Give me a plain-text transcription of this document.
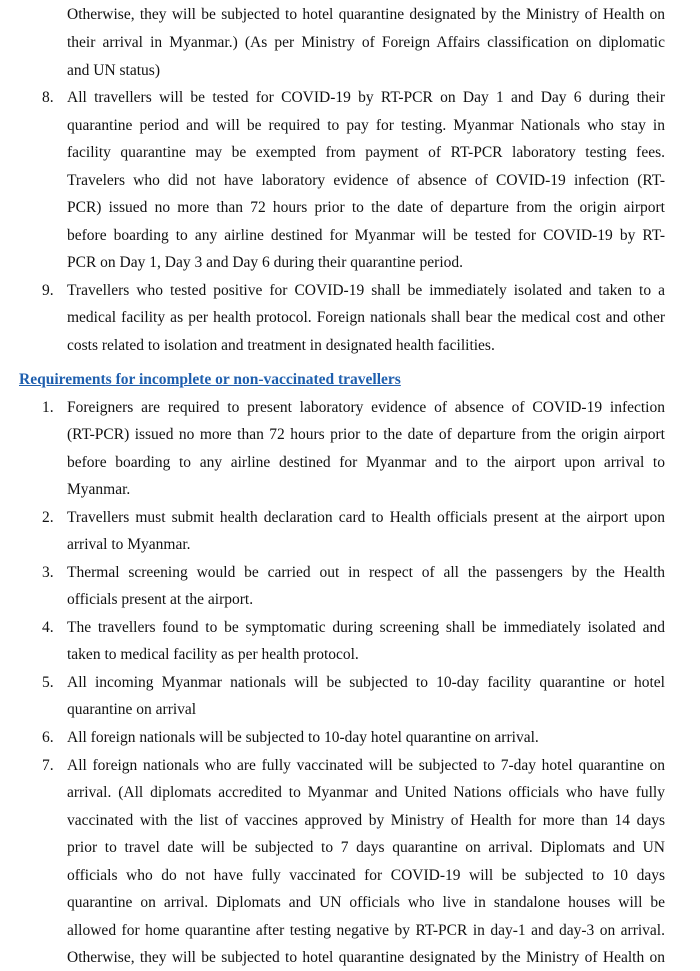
Otherwise, they will be subjected to hotel quarantine designated by the Ministry of Health on
their arrival in Myanmar.) (As per Ministry of Foreign Affairs classification on diplomatic
and UN status)
8. All travellers will be tested for COVID-19 by RT-PCR on Day 1 and Day 6 during their
quarantine period and will be required to pay for testing. Myanmar Nationals who stay in
facility quarantine may be exempted from payment of RT-PCR laboratory testing fees.
Travelers who did not have laboratory evidence of absence of COVID-19 infection (RT-
PCR) issued no more than 72 hours prior to the date of departure from the origin airport
before boarding to any airline destined for Myanmar will be tested for COVID-19 by RT-
PCR on Day 1, Day 3 and Day 6 during their quarantine period.
9. Travellers who tested positive for COVID-19 shall be immediately isolated and taken to a
medical facility as per health protocol. Foreign nationals shall bear the medical cost and other
costs related to isolation and treatment in designated health facilities.
Requirements for incomplete or non-vaccinated travellers
1. Foreigners are required to present laboratory evidence of absence of COVID-19 infection
(RT-PCR) issued no more than 72 hours prior to the date of departure from the origin airport
before boarding to any airline destined for Myanmar and to the airport upon arrival to
Myanmar.
2. Travellers must submit health declaration card to Health officials present at the airport upon
arrival to Myanmar.
3. Thermal screening would be carried out in respect of all the passengers by the Health
officials present at the airport.
4. The travellers found to be symptomatic during screening shall be immediately isolated and
taken to medical facility as per health protocol.
5. All incoming Myanmar nationals will be subjected to 10-day facility quarantine or hotel
quarantine on arrival
6. All foreign nationals will be subjected to 10-day hotel quarantine on arrival.
7. All foreign nationals who are fully vaccinated will be subjected to 7-day hotel quarantine on
arrival. (All diplomats accredited to Myanmar and United Nations officials who have fully
vaccinated with the list of vaccines approved by Ministry of Health for more than 14 days
prior to travel date will be subjected to 7 days quarantine on arrival. Diplomats and UN
officials who do not have fully vaccinated for COVID-19 will be subjected to 10 days
quarantine on arrival. Diplomats and UN officials who live in standalone houses will be
allowed for home quarantine after testing negative by RT-PCR in day-1 and day-3 on arrival.
Otherwise, they will be subjected to hotel quarantine designated by the Ministry of Health on
